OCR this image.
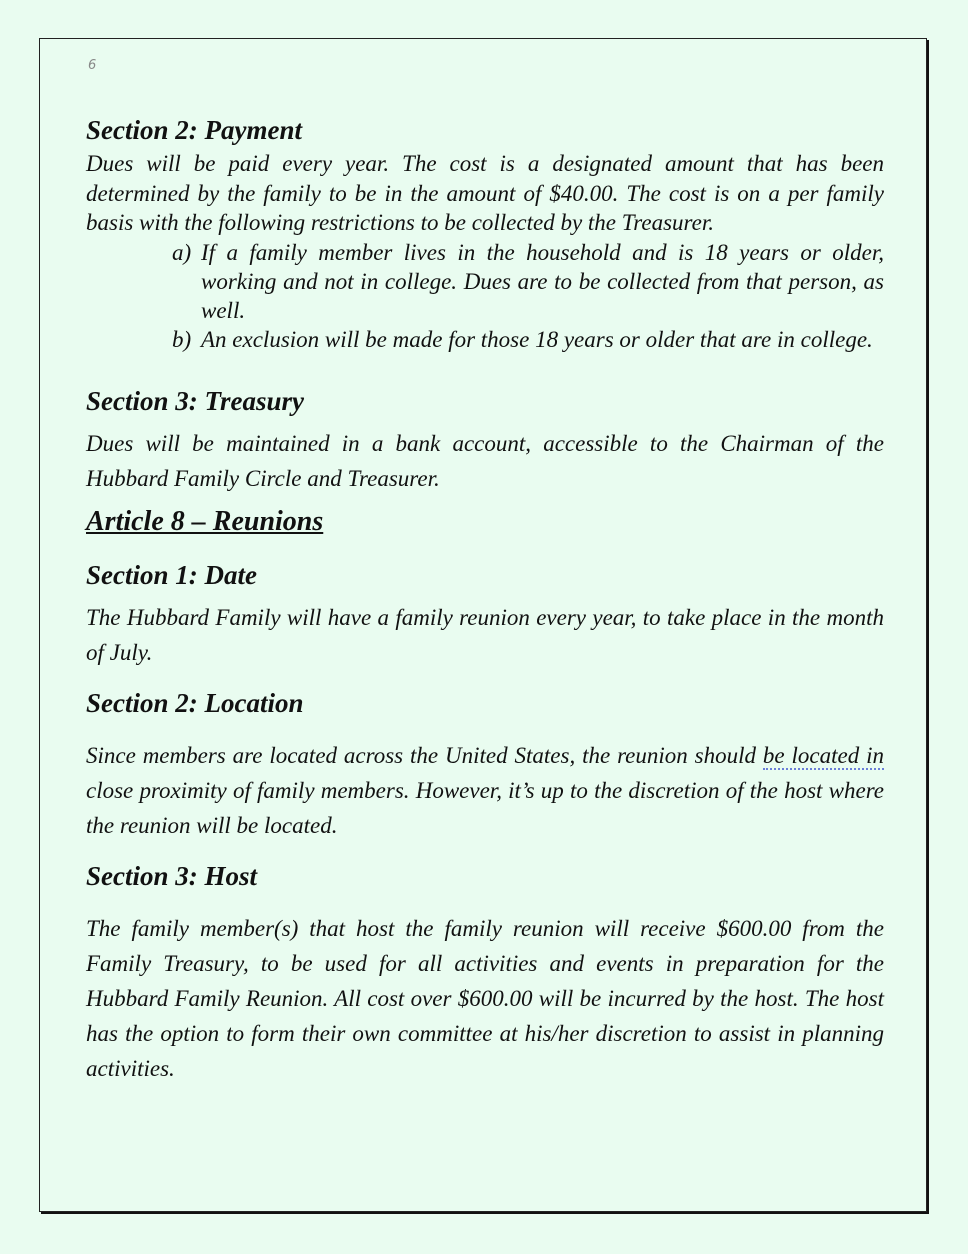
6
Section 2: Payment

Dues will be paid every year. The cost is a designated amount that has been determined by the family to be in the amount of $40.00. The cost is on a per family basis with the following restrictions to be collected by the Treasurer.

a) If a family member lives in the household and is 18 years or older, working and not in college. Dues are to be collected from that person, as well.
b) An exclusion will be made for those 18 years or older that are in college.
Section 3: Treasury

Dues will be maintained in a bank account, accessible to the Chairman of the Hubbard Family Circle and Treasurer.

Article 8 – Reunions
Section 1: Date

The Hubbard Family will have a family reunion every year, to take place in the month of July.

Section 2: Location

Since members are located across the United States, the reunion should be located in close proximity of family members. However, it’s up to the discretion of the host where the reunion will be located.

Section 3: Host

The family member(s) that host the family reunion will receive $600.00 from the Family Treasury, to be used for all activities and events in preparation for the Hubbard Family Reunion. All cost over $600.00 will be incurred by the host. The host has the option to form their own committee at his/her discretion to assist in planning activities.
